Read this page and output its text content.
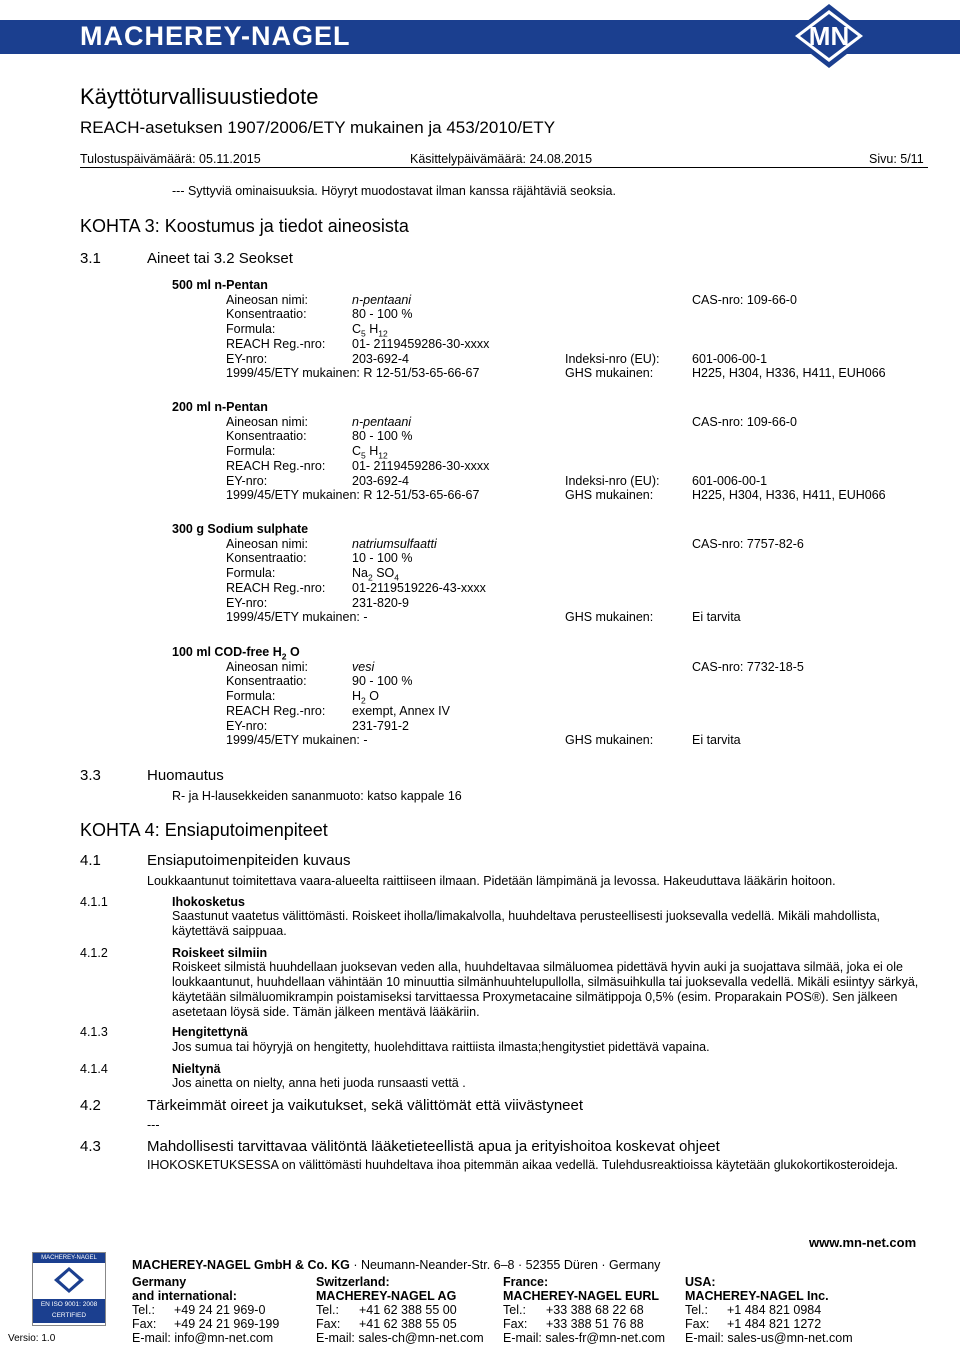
MACHEREY-NAGEL	MN
Käyttöturvallisuustiedote
REACH-asetuksen 1907/2006/ETY mukainen ja 453/2010/ETY
Tulostuspäivämäärä: 05.11.2015	Käsittelypäivämäärä: 24.08.2015	Sivu: 5/11
--- Syttyviä ominaisuuksia. Höyryt muodostavat ilman kanssa räjähtäviä seoksia.
KOHTA 3: Koostumus ja tiedot aineosista
3.1	Aineet tai 3.2 Seokset
500 ml n-Pentan
Aineosan nimi:	n-pentaani	CAS-nro: 109-66-0
Konsentraatio:	80 - 100 %
Formula:	$C_5$ $H_{12}$
REACH Reg.-nro: 01- 2119459286-30-xxxx
EY-nro:	203-692-4	Indeksi-nro (EU):	601-006-00-1
1999/45/ETY mukainen: R 12-51/53-65-66-67	GHS mukainen:	H225, H304, H336, H411, EUH066
200 ml n-Pentan
Aineosan nimi:	n-pentaani	CAS-nro: 109-66-0
Konsentraatio:	80 - 100 %
Formula:	$C_5$ $H_{12}$
REACH Reg.-nro: 01- 2119459286-30-xxxx
EY-nro:	203-692-4	Indeksi-nro (EU):	601-006-00-1
1999/45/ETY mukainen: R 12-51/53-65-66-67	GHS mukainen:	H225, H304, H336, H411, EUH066
300 g Sodium sulphate
Aineosan nimi:	natriumsulfaatti	CAS-nro: 7757-82-6
Konsentraatio:	10 - 100 %
Formula:	$Na_2$ $SO_4$
REACH Reg.-nro: 01-2119519226-43-xxxx
EY-nro:	231-820-9
1999/45/ETY mukainen: -	GHS mukainen:	Ei tarvita
100 ml COD-free $H_2$ O
Aineosan nimi:	vesi	CAS-nro: 7732-18-5
Konsentraatio:	90 - 100 %
Formula:	$H_2$ O
REACH Reg.-nro: exempt, Annex IV
EY-nro:	231-791-2
1999/45/ETY mukainen: -	GHS mukainen:	Ei tarvita
3.3	Huomautus
R- ja H-lausekkeiden sananmuoto: katso kappale 16
KOHTA 4: Ensiaputoimenpiteet
4.1	Ensiaputoimenpiteiden kuvaus
Loukkaantunut toimitettava vaara-alueelta raittiiseen ilmaan. Pidetään lämpimänä ja levossa. Hakeuduttava lääkärin hoitoon.
4.1.1	Ihokosketus
Saastunut vaatetus välittömästi. Roiskeet iholla/limakalvolla, huuhdeltava perusteellisesti juoksevalla vedellä. Mikäli mahdollista, käytettävä saippuaa.
4.1.2	Roiskeet silmiin
Roiskeet silmistä huuhdellaan juoksevan veden alla, huuhdeltavaa silmäluomea pidettävä hyvin auki ja suojattava silmää, joka ei ole loukkaantunut, huuhdellaan vähintään 10 minuuttia silmänhuuhtelupullolla, silmäsuihkulla tai juoksevalla vedellä. Mikäli esiintyy särkyä, käytetään silmäluomikrampin poistamiseksi tarvittaessa Proxymetacaine silmätippoja 0,5% (esim. Proparakain POS®). Sen jälkeen asetetaan löysä side. Tämän jälkeen mentävä lääkäriin.
4.1.3	Hengitettynä
Jos sumua tai höyryjä on hengitetty, huolehdittava raittiista ilmasta;hengitystiet pidettävä vapaina.
4.1.4	Nieltynä
Jos ainetta on nielty, anna heti juoda runsaasti vettä .
4.2	Tärkeimmät oireet ja vaikutukset, sekä välittömät että viivästyneet
---
4.3	Mahdollisesti tarvittavaa välitöntä lääketieteellistä apua ja erityishoitoa koskevat ohjeet
IHOKOSKETUKSESSA on välittömästi huuhdeltava ihoa pitemmän aikaa vedellä. Tulehdusreaktioissa käytetään glukokortikosteroideja.
MACHEREY-NAGEL
EN ISO 9001: 2008
CERTIFIED
Versio: 1.0
www.mn-net.com
MACHEREY-NAGEL GmbH & Co. KG · Neumann-Neander-Str. 6–8 · 52355 Düren · Germany
Germany
and international:
Tel.: +49 24 21 969-0
Fax: +49 24 21 969-199
E-mail: info@mn-net.com
Switzerland:
MACHEREY-NAGEL AG
Tel.: +41 62 388 55 00
Fax: +41 62 388 55 05
E-mail: sales-ch@mn-net.com
France:
MACHEREY-NAGEL EURL
Tel.: +33 388 68 22 68
Fax: +33 388 51 76 88
E-mail: sales-fr@mn-net.com
USA:
MACHEREY-NAGEL Inc.
Tel.: +1 484 821 0984
Fax: +1 484 821 1272
E-mail: sales-us@mn-net.com
